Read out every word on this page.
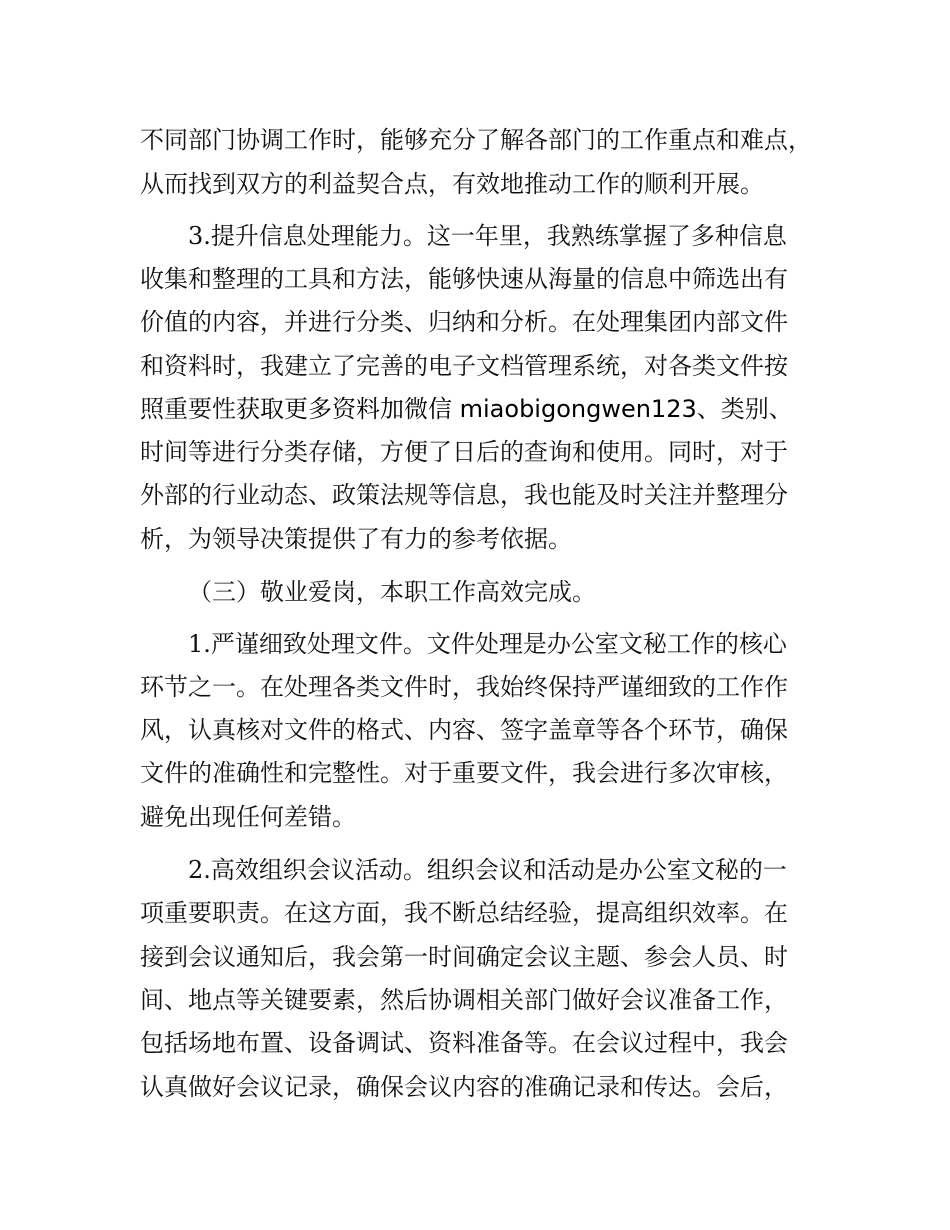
不同部门协调工作时，能够充分了解各部门的工作重点和难点，
从而找到双方的利益契合点，有效地推动工作的顺利开展。
3.提升信息处理能力。这一年里，我熟练掌握了多种信息
收集和整理的工具和方法，能够快速从海量的信息中筛选出有
价值的内容，并进行分类、归纳和分析。在处理集团内部文件
和资料时，我建立了完善的电子文档管理系统，对各类文件按
照重要性获取更多资料加微信 miaobigongwen123、类别、
时间等进行分类存储，方便了日后的查询和使用。同时，对于
外部的行业动态、政策法规等信息，我也能及时关注并整理分
析，为领导决策提供了有力的参考依据。
（三）敬业爱岗，本职工作高效完成。
1.严谨细致处理文件。文件处理是办公室文秘工作的核心
环节之一。在处理各类文件时，我始终保持严谨细致的工作作
风，认真核对文件的格式、内容、签字盖章等各个环节，确保
文件的准确性和完整性。对于重要文件，我会进行多次审核，
避免出现任何差错。
2.高效组织会议活动。组织会议和活动是办公室文秘的一
项重要职责。在这方面，我不断总结经验，提高组织效率。在
接到会议通知后，我会第一时间确定会议主题、参会人员、时
间、地点等关键要素，然后协调相关部门做好会议准备工作，
包括场地布置、设备调试、资料准备等。在会议过程中，我会
认真做好会议记录，确保会议内容的准确记录和传达。会后，
